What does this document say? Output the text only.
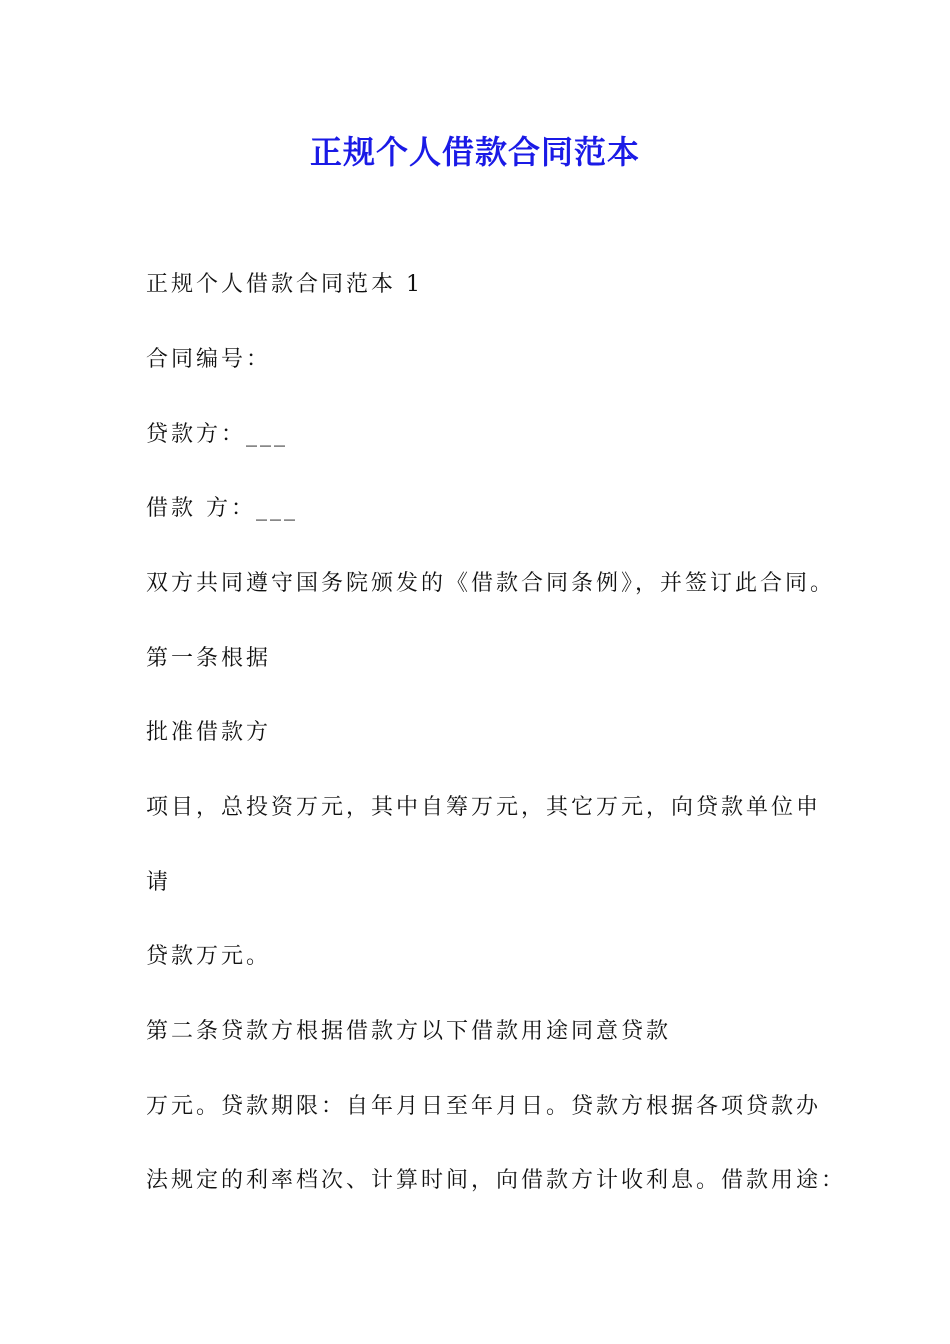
正规个人借款合同范本
正规个人借款合同范本 1
合同编号：
贷款方：___
借款 方：___
双方共同遵守国务院颁发的《借款合同条例》，并签订此合同。
第一条根据
批准借款方
项目，总投资万元，其中自筹万元，其它万元，向贷款单位申
请
贷款万元。
第二条贷款方根据借款方以下借款用途同意贷款
万元。贷款期限：自年月日至年月日。贷款方根据各项贷款办
法规定的利率档次、计算时间，向借款方计收利息。借款用途：
